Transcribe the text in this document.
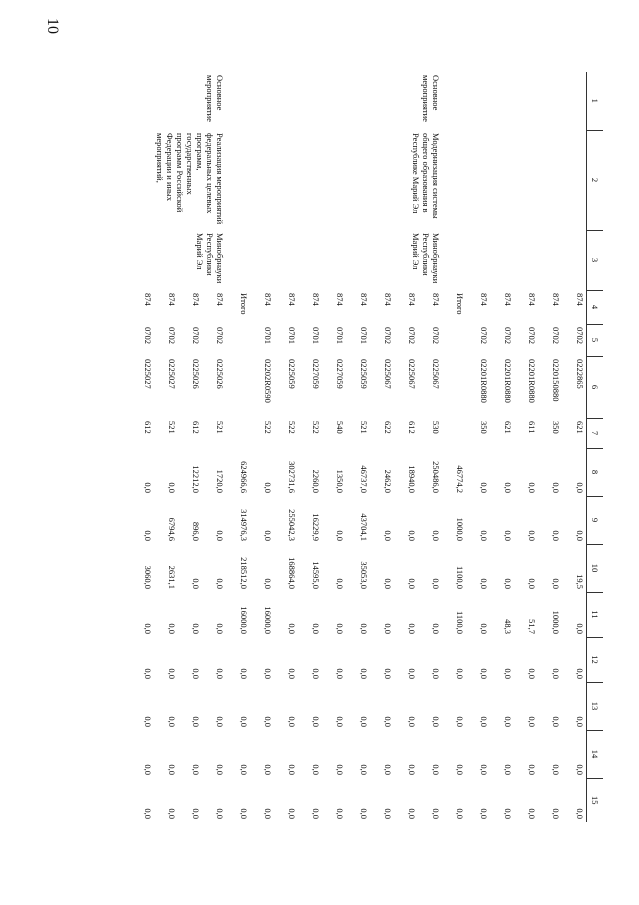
10
1	2	3	4	5	6	7	8	9	10	11	12	13	14	15
			874	0702	0222865	621	0,0	0,0	19,5	0,0	0,0	0,0	0,0	0,0
			874	0702	0220150880	350	0,0	0,0	0,0	1000,0	0,0	0,0	0,0	0,0
			874	0702	02201R0880	611	0,0	0,0	0,0	51,7	0,0	0,0	0,0	0,0
			874	0702	02201R0880	621	0,0	0,0	0,0	48,3	0,0	0,0	0,0	0,0
			874	0702	02201R0880	350	0,0	0,0	0,0	0,0	0,0	0,0	0,0	0,0
			Итого				46774,2	1000,0	1100,0	1100,0	0,0	0,0	0,0	0,0
Основное мероприятие	Модернизация системы общего образования в Республике Марий Эл	Минобрнауки Республики Марий Эл	874	0702	0225067	530	250486,0	0,0	0,0	0,0	0,0	0,0	0,0	0,0
			874	0702	0225067	612	18940,0	0,0	0,0	0,0	0,0	0,0	0,0	0,0
			874	0702	0225067	622	2462,0	0,0	0,0	0,0	0,0	0,0	0,0	0,0
			874	0701	0225059	521	46737,0	43704,1	35053,0	0,0	0,0	0,0	0,0	0,0
			874	0701	0227059	540	1350,0	0,0	0,0	0,0	0,0	0,0	0,0	0,0
			874	0701	0227059	522	2260,0	16229,9	14595,0	0,0	0,0	0,0	0,0	0,0
			874	0701	0225059	522	302731,6	255042,3	168864,0	0,0	0,0	0,0	0,0	0,0
			874	0701	02202R0590	522	0,0	0,0	0,0	16000,0	0,0	0,0	0,0	0,0
			Итого				624966,6	314976,3	218512,0	16000,0	0,0	0,0	0,0	0,0
Основное мероприятие	Реализация мероприятий федеральных целевых программ, государственных программ Российской Федерации и иных мероприятий,	Минобрнауки Республики Марий Эл	874	0702	0225026	521	1720,0	0,0	0,0	0,0	0,0	0,0	0,0	0,0
			874	0702	0225026	612	12212,0	896,0	0,0	0,0	0,0	0,0	0,0	0,0
			874	0702	0225027	521	0,0	6794,6	2631,1	0,0	0,0	0,0	0,0	0,0
			874	0702	0225027	612	0,0	0,0	3060,0	0,0	0,0	0,0	0,0	0,0
